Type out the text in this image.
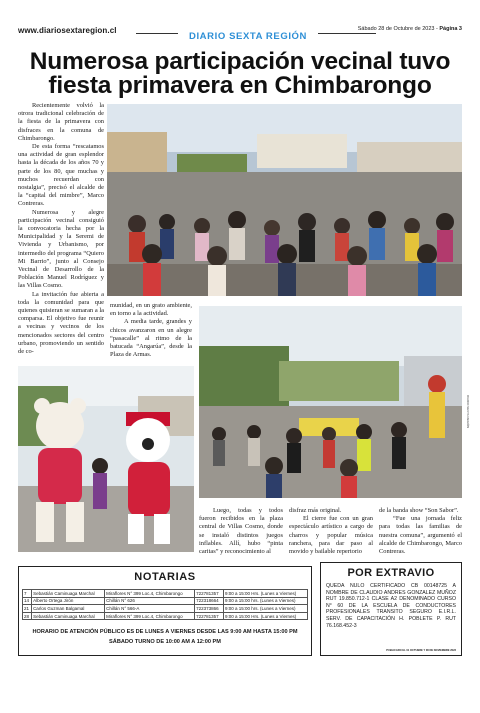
www.diariosextaregion.cl
DIARIO SEXTA REGIÓN
Sábado 28 de Octubre de 2023 - Página 3
Numerosa participación vecinal tuvo
fiesta primavera en Chimbarongo

Recientemente volvió la otrora tradicional celebración de la fiesta de la primavera con disfraces en la comuna de Chimbarongo.

De esta forma “rescatamos una actividad de gran esplendor hasta la década de los años 70 y parte de los 80, que muchas y muchos recuerdan con nostalgia”, precisó el alcalde de la “capital del mimbre”, Marco Contreras.

Numerosa y alegre participación vecinal consiguió la convocatoria hecha por la Municipalidad y la Seremi de Vivienda y Urbanismo, por intermedio del programa “Quiero Mi Barrio”, junto al Consejo Vecinal de Desarrollo de la Población Manuel Rodríguez y las Villas Cosmo.

La invitación fue abierta a toda la comunidad para que quienes quisieran se sumaran a la comparsa. El objetivo fue reunir a vecinas y vecinos de los mencionados sectores del centro urbano, promoviendo un sentido de co-

munidad, en un grato ambiente, en torno a la actividad.

A media tarde, grandes y chicos avanzaron en un alegre “pasacalle” al ritmo de la batucada “Angarúa”, desde la Plaza de Armas.

Luego, todas y todos fueron recibidos en la plaza central de Villas Cosmo, donde se instaló distintos juegos inflables. Allí, hubo “pinta caritas” y reconocimiento al

disfraz más original.

El cierre fue con un gran espectáculo artístico a cargo de charros y popular música ranchera, para dar paso al movido y bailable repertorio

de la banda show “Son Sabor”.

“Fue una jornada feliz para todas las familias de nuestra comuna”, argumentó el alcalde de Chimbarongo, Marco Contreras.

NOTARIAS
7	Sebastián Caminuaga Marchal	Miraflores N° 399 Loc.4, Chimbarongo	722781357	9:00 a 15:00 Hrs. (Lunes a Viernes)
14	Alberto Ortega Jirón	Chillán N° 626	722318664	9:00 a 15:00 hrs. (Lunes a Viernes)
21	Carlos Guzman Balgamal	Chillán N° 566-A	722373866	9:00 a 15:00 hrs. (Lunes a Viernes)
28	Sebastián Caminuaga Marchal	Miraflores N° 399 Loc.4, Chimbarongo	722781357	9:00 a 15:00 Hrs. (Lunes a Viernes)
HORARIO DE ATENCIÓN PÚBLICO ES DE LUNES A VIERNES DESDE LAS 9:00 AM HASTA 15:00 PM
SÁBADO TURNO DE 10:00 AM A 12:00 PM
POR EXTRAVIO
QUEDA NULO CERTIFICADO CB 00148725 A NOMBRE DE CLAUDIO ANDRES GONZALEZ MUÑOZ RUT 19.850.712-1 CLASE A2 DENOMINADO CURSO N° 60 DE LA ESCUELA DE CONDUCTORES PROFESIONALES TRANSITO SEGURO E.I.R.L. SERV. DE CAPACITACIÓN H. POBLETE P. RUT 76.168.452-3
PUBLICADO EL 01 OCTUBRE Y 08 DE NOVIEMBRE 2023
DIARIO SEXTA REGIÓN
